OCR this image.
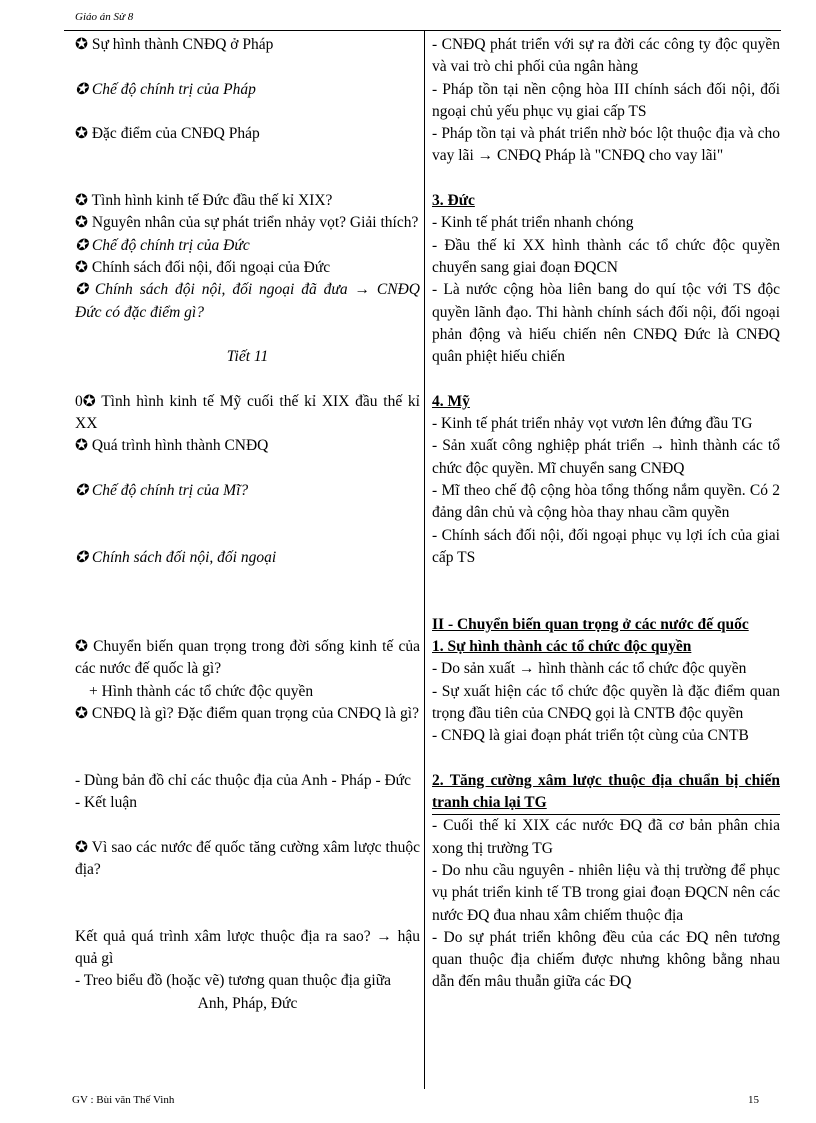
Giáo án Sử 8

✪ Sự hình thành CNĐQ ở Pháp

✪ Chế độ chính trị của Pháp

✪ Đặc điểm của CNĐQ Pháp

✪ Tình hình kinh tế Đức đầu thế kỉ XIX?

✪ Nguyên nhân của sự phát triển nhảy vọt? Giải thích?

✪ Chế độ chính trị của Đức

✪ Chính sách đối nội, đối ngoại của Đức

✪ Chính sách đội nội, đối ngoại đã đưa → CNĐQ Đức có đặc điểm gì?

Tiết 11

0✪ Tình hình kinh tế Mỹ cuối thế kỉ XIX đầu thế kỉ XX

✪ Quá trình hình thành CNĐQ

✪ Chế độ chính trị của Mĩ?

✪ Chính sách đối nội, đối ngoại

✪ Chuyển biến quan trọng trong đời sống kinh tế của các nước đế quốc là gì?

+ Hình thành các tổ chức độc quyền

✪ CNĐQ là gì? Đặc điểm quan trọng của CNĐQ là gì?

- Dùng bản đồ chỉ các thuộc địa của Anh - Pháp - Đức

- Kết luận

✪ Vì sao các nước đế quốc tăng cường xâm lược thuộc địa?

Kết quả quá trình xâm lược thuộc địa ra sao? → hậu quả gì

- Treo biểu đồ (hoặc vẽ) tương quan thuộc địa giữa

Anh, Pháp, Đức

- CNĐQ phát triển với sự ra đời các công ty độc quyền và vai trò chi phối của ngân hàng

- Pháp tồn tại nền cộng hòa III chính sách đối nội, đối ngoại chủ yếu phục vụ giai cấp TS

- Pháp tồn tại và phát triển nhờ bóc lột thuộc địa và cho vay lãi → CNĐQ Pháp là "CNĐQ cho vay lãi"

3. Đức

- Kinh tế phát triển nhanh chóng

- Đầu thế kỉ XX hình thành các tổ chức độc quyền chuyển sang giai đoạn ĐQCN

- Là nước cộng hòa liên bang do quí tộc với TS độc quyền lãnh đạo. Thi hành chính sách đối nội, đối ngoại phản động và hiếu chiến nên CNĐQ Đức là CNĐQ quân phiệt hiếu chiến

4. Mỹ

- Kinh tế phát triển nhảy vọt vươn lên đứng đầu TG

- Sản xuất công nghiệp phát triển → hình thành các tổ chức độc quyền. Mĩ chuyển sang CNĐQ

- Mĩ theo chế độ cộng hòa tổng thống nắm quyền. Có 2 đảng dân chủ và cộng hòa thay nhau cầm quyền

- Chính sách đối nội, đối ngoại phục vụ lợi ích của giai cấp TS

II - Chuyển biến quan trọng ở các nước đế quốc

1. Sự hình thành các tổ chức độc quyền

- Do sản xuất → hình thành các tổ chức độc quyền

- Sự xuất hiện các tổ chức độc quyền là đặc điểm quan trọng đầu tiên của CNĐQ gọi là CNTB độc quyền

- CNĐQ là giai đoạn phát triển tột cùng của CNTB

2. Tăng cường xâm lược thuộc địa chuẩn bị chiến tranh chia lại TG

- Cuối thế kỉ XIX các nước ĐQ đã cơ bản phân chia xong thị trường TG

- Do nhu cầu nguyên - nhiên liệu và thị trường để phục vụ phát triển kinh tế TB trong giai đoạn ĐQCN nên các nước ĐQ đua nhau xâm chiếm thuộc địa

- Do sự phát triển không đều của các ĐQ nên tương quan thuộc địa chiếm được nhưng không bằng nhau dẫn đến mâu thuẫn giữa các ĐQ

GV : Bùi văn Thế Vinh	15
